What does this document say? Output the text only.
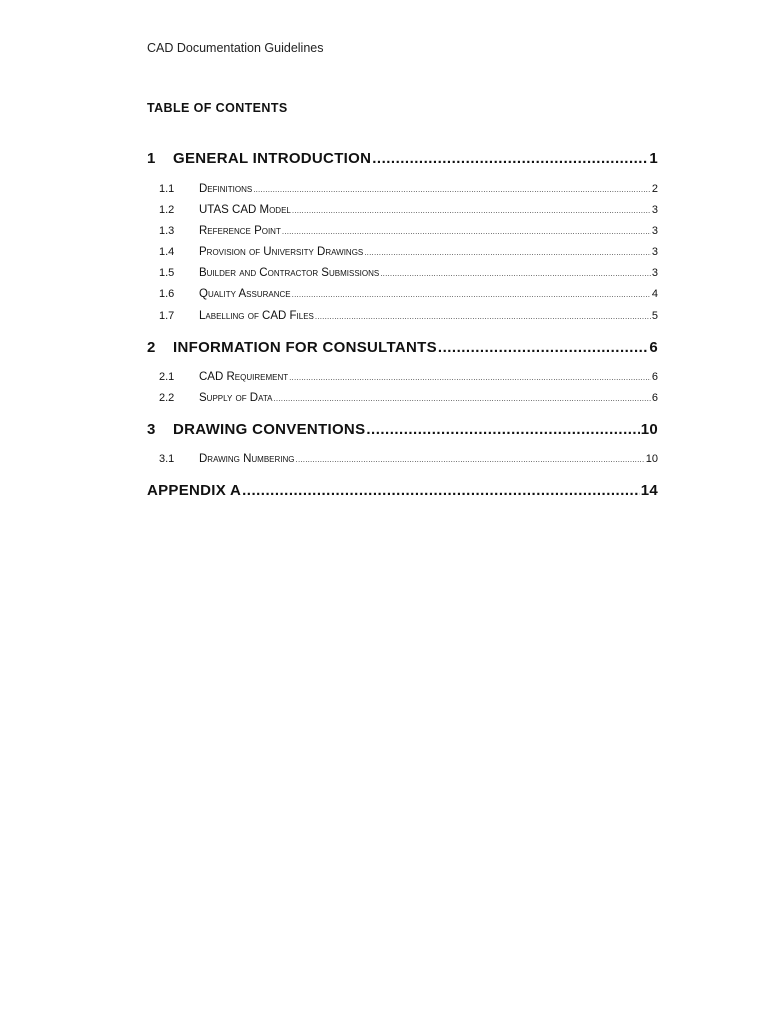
CAD Documentation Guidelines
TABLE OF CONTENTS
1	GENERAL INTRODUCTION .....	1
1.1	Definitions .....	2
1.2	UTAS CAD Model .....	3
1.3	Reference Point .....	3
1.4	Provision of University Drawings .....	3
1.5	Builder and Contractor Submissions .....	3
1.6	Quality Assurance .....	4
1.7	Labelling of CAD Files .....	5
2	INFORMATION FOR CONSULTANTS .....	6
2.1	CAD Requirement .....	6
2.2	Supply of Data .....	6
3	DRAWING CONVENTIONS .....	10
3.1	Drawing Numbering .....	10
APPENDIX A .....	14
